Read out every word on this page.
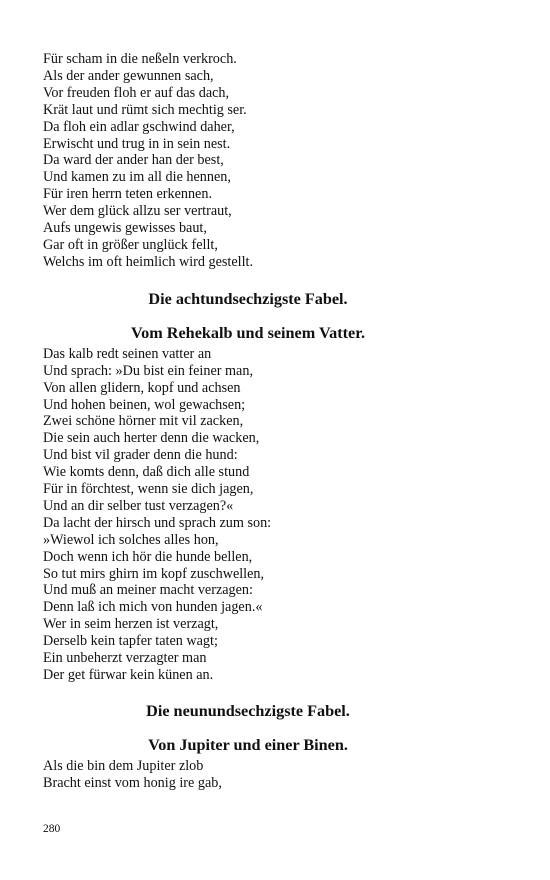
Für scham in die neßeln verkroch.
Als der ander gewunnen sach,
Vor freuden floh er auf das dach,
Krät laut und rümt sich mechtig ser.
Da floh ein adlar gschwind daher,
Erwischt und trug in in sein nest.
Da ward der ander han der best,
Und kamen zu im all die hennen,
Für iren herrn teten erkennen.
Wer dem glück allzu ser vertraut,
Aufs ungewis gewisses baut,
Gar oft in größer unglück fellt,
Welchs im oft heimlich wird gestellt.
Die achtundsechzigste Fabel.
Vom Rehekalb und seinem Vatter.
Das kalb redt seinen vatter an
Und sprach: »Du bist ein feiner man,
Von allen glidern, kopf und achsen
Und hohen beinen, wol gewachsen;
Zwei schöne hörner mit vil zacken,
Die sein auch herter denn die wacken,
Und bist vil grader denn die hund:
Wie komts denn, daß dich alle stund
Für in förchtest, wenn sie dich jagen,
Und an dir selber tust verzagen?«
Da lacht der hirsch und sprach zum son:
»Wiewol ich solches alles hon,
Doch wenn ich hör die hunde bellen,
So tut mirs ghirn im kopf zuschwellen,
Und muß an meiner macht verzagen:
Denn laß ich mich von hunden jagen.«
Wer in seim herzen ist verzagt,
Derselb kein tapfer taten wagt;
Ein unbeherzt verzagter man
Der get fürwar kein künen an.
Die neunundsechzigste Fabel.
Von Jupiter und einer Binen.
Als die bin dem Jupiter zlob
Bracht einst vom honig ire gab,
280
